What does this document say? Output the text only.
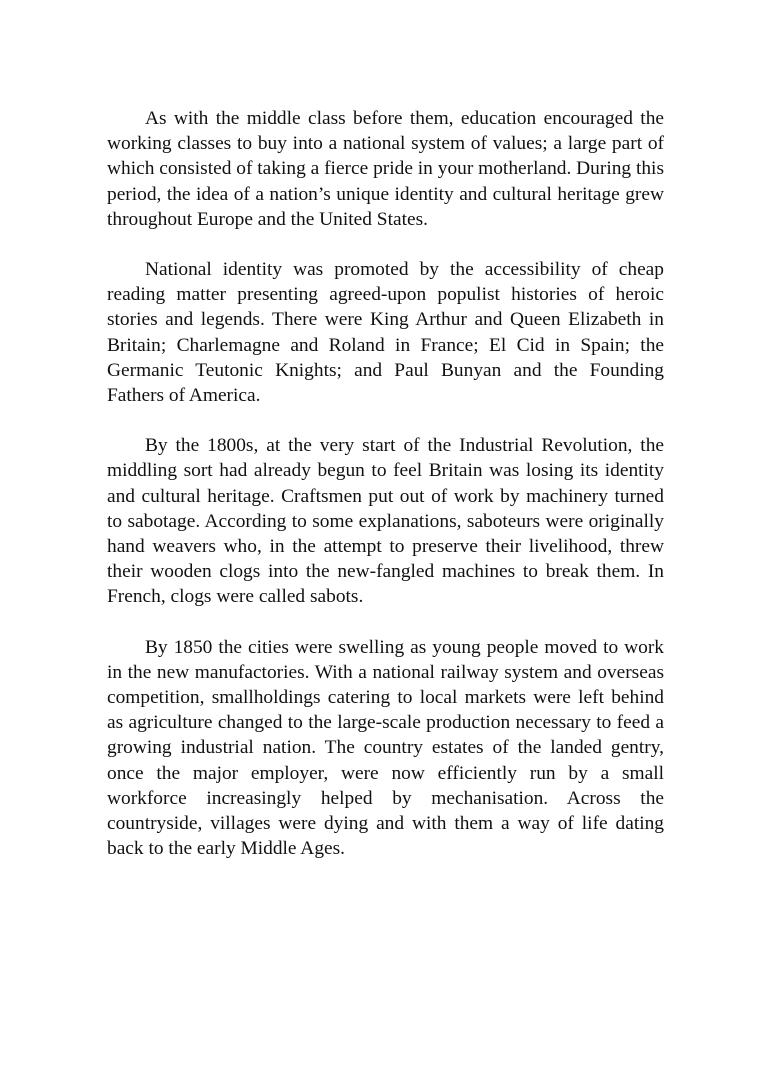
As with the middle class before them, education encouraged the working classes to buy into a national system of values; a large part of which consisted of taking a fierce pride in your motherland. During this period, the idea of a nation’s unique identity and cultural heritage grew throughout Europe and the United States.

National identity was promoted by the accessibility of cheap reading matter presenting agreed-upon populist histories of heroic stories and legends. There were King Arthur and Queen Elizabeth in Britain; Charlemagne and Roland in France; El Cid in Spain; the Germanic Teutonic Knights; and Paul Bunyan and the Founding Fathers of America.

By the 1800s, at the very start of the Industrial Revolution, the middling sort had already begun to feel Britain was losing its identity and cultural heritage. Craftsmen put out of work by machinery turned to sabotage. According to some explanations, saboteurs were originally hand weavers who, in the attempt to preserve their livelihood, threw their wooden clogs into the new-fangled machines to break them. In French, clogs were called sabots.

By 1850 the cities were swelling as young people moved to work in the new manufactories. With a national railway system and overseas competition, smallholdings catering to local markets were left behind as agriculture changed to the large-scale production necessary to feed a growing industrial nation. The country estates of the landed gentry, once the major employer, were now efficiently run by a small workforce increasingly helped by mechanisation. Across the countryside, villages were dying and with them a way of life dating back to the early Middle Ages.
